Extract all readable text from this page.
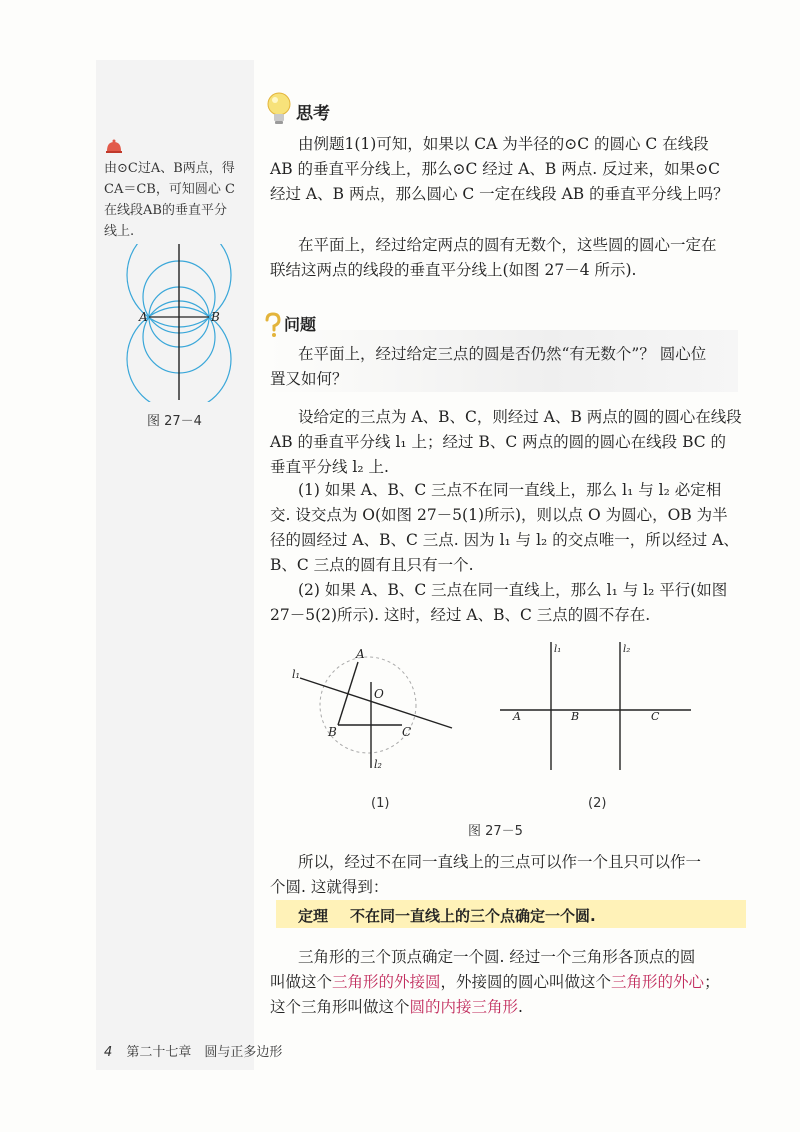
由⊙C过A、B两点，得
CA＝CB，可知圆心 C
在线段AB的垂直平分
线上.
A	B
图 27－4
思考
由例题1(1)可知，如果以 CA 为半径的⊙C 的圆心 C 在线段
AB 的垂直平分线上，那么⊙C 经过 A、B 两点. 反过来，如果⊙C
经过 A、B 两点，那么圆心 C 一定在线段 AB 的垂直平分线上吗？
在平面上，经过给定两点的圆有无数个，这些圆的圆心一定在
联结这两点的线段的垂直平分线上(如图 27－4 所示).
问题
在平面上，经过给定三点的圆是否仍然“有无数个”？ 圆心位
置又如何？
设给定的三点为 A、B、C，则经过 A、B 两点的圆的圆心在线段
AB 的垂直平分线 l₁ 上；经过 B、C 两点的圆的圆心在线段 BC 的
垂直平分线 l₂ 上.
(1) 如果 A、B、C 三点不在同一直线上，那么 l₁ 与 l₂ 必定相
交. 设交点为 O(如图 27－5(1)所示)，则以点 O 为圆心，OB 为半
径的圆经过 A、B、C 三点. 因为 l₁ 与 l₂ 的交点唯一，所以经过 A、
B、C 三点的圆有且只有一个.
(2) 如果 A、B、C 三点在同一直线上，那么 l₁ 与 l₂ 平行(如图
27－5(2)所示). 这时，经过 A、B、C 三点的圆不存在.
l₁
l₂
A
B	C
O
(1)
l₁	l₂
A	B	C
(2)
图 27－5
所以，经过不在同一直线上的三点可以作一个且只可以作一
个圆. 这就得到：
定理 不在同一直线上的三个点确定一个圆.
三角形的三个顶点确定一个圆. 经过一个三角形各顶点的圆
叫做这个三角形的外接圆，外接圆的圆心叫做这个三角形的外心；
这个三角形叫做这个圆的内接三角形.
4 第二十七章　圆与正多边形
